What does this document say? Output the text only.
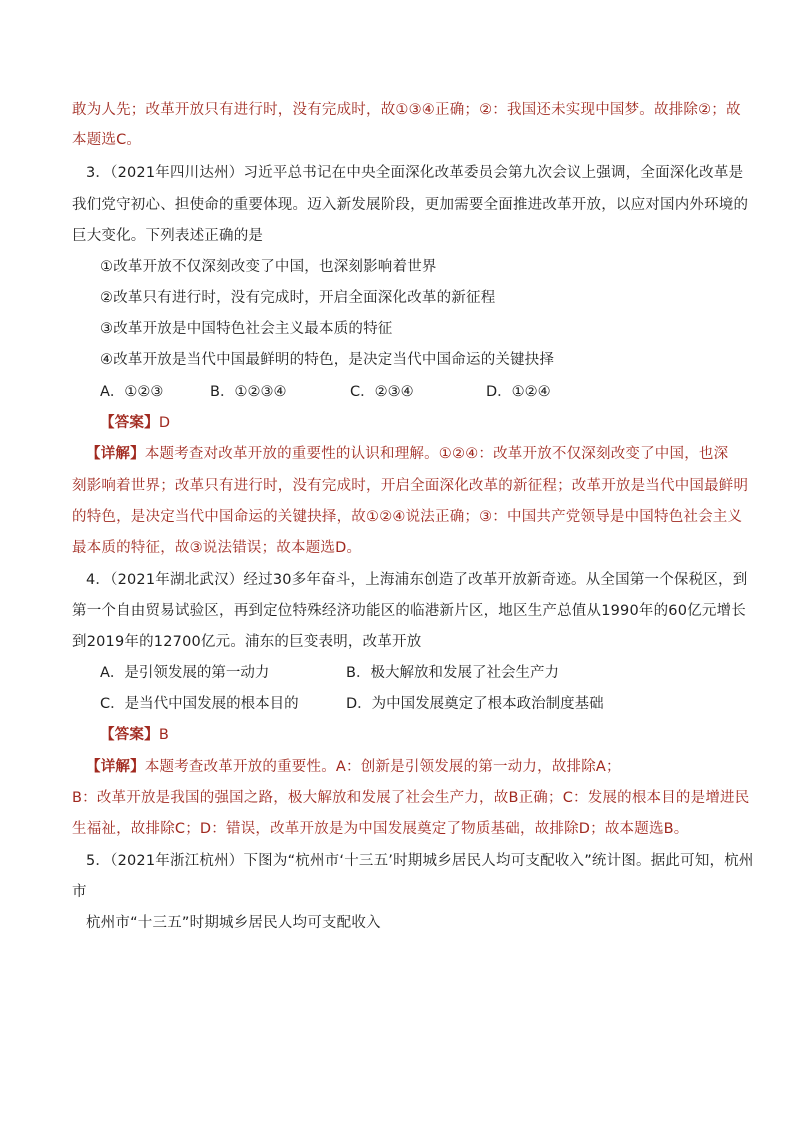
敢为人先；改革开放只有进行时，没有完成时，故①③④正确；②：我国还未实现中国梦。故排除②；故
本题选C。
3．（2021年四川达州）习近平总书记在中央全面深化改革委员会第九次会议上强调，全面深化改革是
我们党守初心、担使命的重要体现。迈入新发展阶段，更加需要全面推进改革开放，以应对国内外环境的
巨大变化。下列表述正确的是
①改革开放不仅深刻改变了中国，也深刻影响着世界
②改革只有进行时，没有完成时，开启全面深化改革的新征程
③改革开放是中国特色社会主义最本质的特征
④改革开放是当代中国最鲜明的特色，是决定当代中国命运的关键抉择
A．①②③	B．①②③④	C．②③④	D．①②④
【答案】D
【详解】本题考查对改革开放的重要性的认识和理解。①②④：改革开放不仅深刻改变了中国，也深
刻影响着世界；改革只有进行时，没有完成时，开启全面深化改革的新征程；改革开放是当代中国最鲜明
的特色，是决定当代中国命运的关键抉择，故①②④说法正确；③：中国共产党领导是中国特色社会主义
最本质的特征，故③说法错误；故本题选D。
4．（2021年湖北武汉）经过30多年奋斗，上海浦东创造了改革开放新奇迹。从全国第一个保税区，到
第一个自由贸易试验区，再到定位特殊经济功能区的临港新片区，地区生产总值从1990年的60亿元增长
到2019年的12700亿元。浦东的巨变表明，改革开放
A．是引领发展的第一动力	B．极大解放和发展了社会生产力
C．是当代中国发展的根本目的	D．为中国发展奠定了根本政治制度基础
【答案】B
【详解】本题考查改革开放的重要性。A：创新是引领发展的第一动力，故排除A；
B：改革开放是我国的强国之路，极大解放和发展了社会生产力，故B正确；C：发展的根本目的是增进民
生福祉，故排除C；D：错误，改革开放是为中国发展奠定了物质基础，故排除D；故本题选B。
5．（2021年浙江杭州）下图为“杭州市‘十三五’时期城乡居民人均可支配收入”统计图。据此可知，杭州
市
杭州市“十三五”时期城乡居民人均可支配收入
